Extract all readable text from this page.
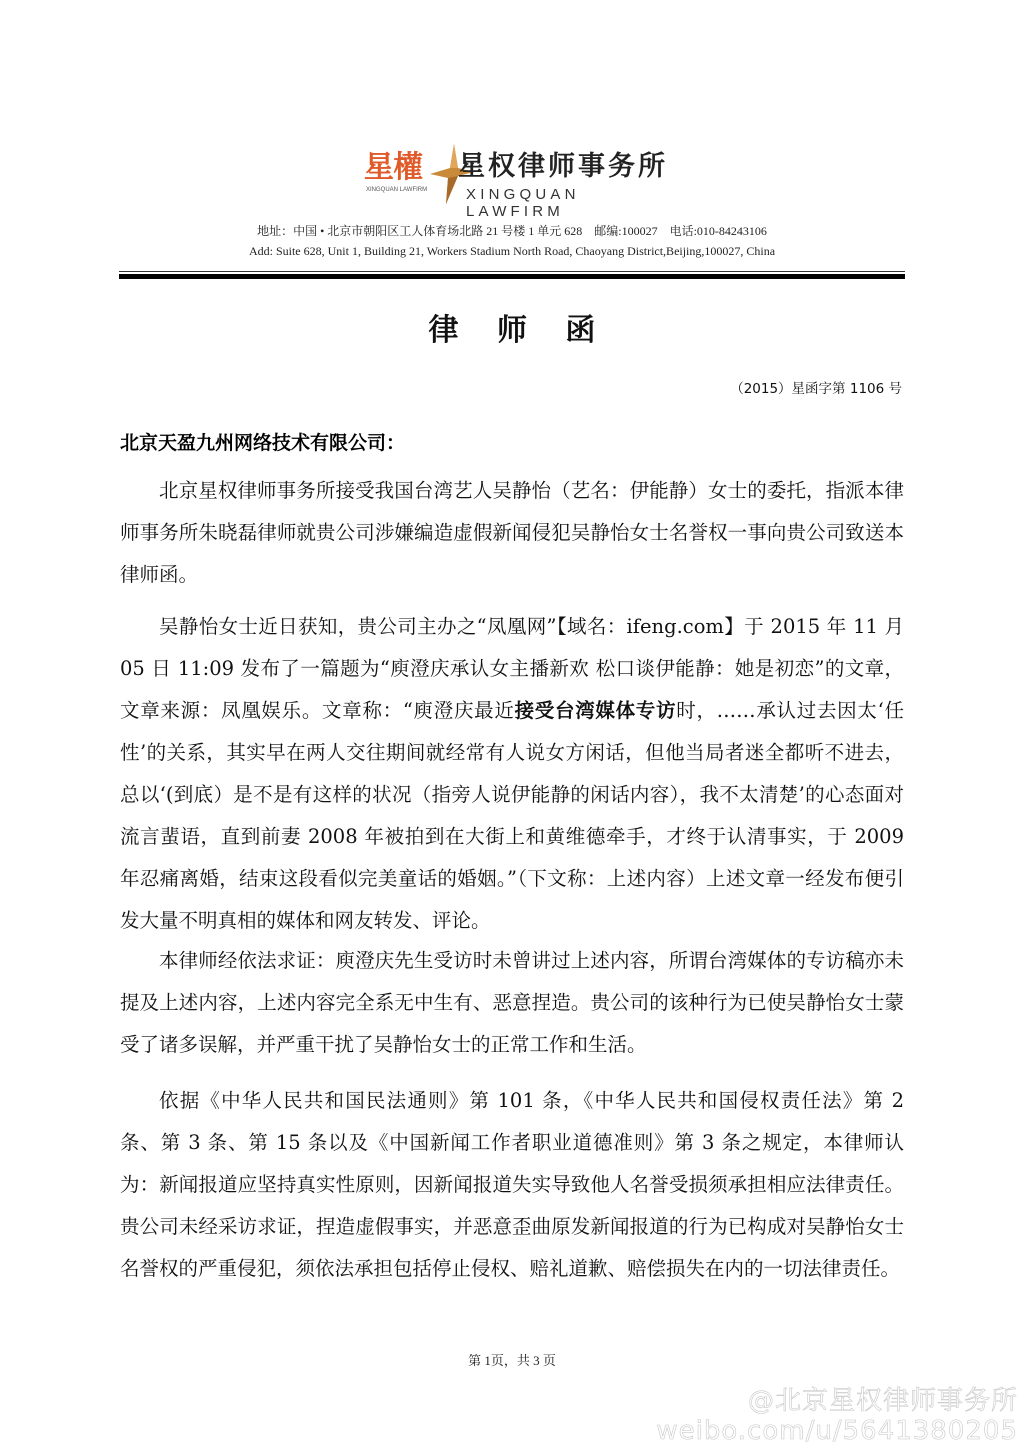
星權
XINGQUAN LAWFIRM
星权律师事务所
XINGQUAN LAWFIRM
地址：中国 • 北京市朝阳区工人体育场北路 21 号楼 1 单元 628　邮编:100027　电话:010-84243106
Add: Suite 628, Unit 1, Building 21, Workers Stadium North Road, Chaoyang District,Beijing,100027, China
律 师 函
（2015）星函字第 1106 号
北京天盈九州网络技术有限公司：

北京星权律师事务所接受我国台湾艺人吴静怡（艺名：伊能静）女士的委托，指派本律师事务所朱晓磊律师就贵公司涉嫌编造虚假新闻侵犯吴静怡女士名誉权一事向贵公司致送本律师函。

吴静怡女士近日获知，贵公司主办之“凤凰网”【域名：ifeng.com】于 2015 年 11 月 05 日 11:09 发布了一篇题为“庾澄庆承认女主播新欢 松口谈伊能静：她是初恋”的文章，文章来源：凤凰娱乐。文章称：“庾澄庆最近接受台湾媒体专访时，……承认过去因太‘任性’的关系，其实早在两人交往期间就经常有人说女方闲话，但他当局者迷全都听不进去，总以‘(到底）是不是有这样的状况（指旁人说伊能静的闲话内容），我不太清楚’的心态面对流言蜚语，直到前妻 2008 年被拍到在大街上和黄维德牵手，才终于认清事实，于 2009 年忍痛离婚，结束这段看似完美童话的婚姻。”（下文称：上述内容）上述文章一经发布便引发大量不明真相的媒体和网友转发、评论。

本律师经依法求证：庾澄庆先生受访时未曾讲过上述内容，所谓台湾媒体的专访稿亦未提及上述内容，上述内容完全系无中生有、恶意捏造。贵公司的该种行为已使吴静怡女士蒙受了诸多误解，并严重干扰了吴静怡女士的正常工作和生活。

依据《中华人民共和国民法通则》第 101 条，《中华人民共和国侵权责任法》第 2 条、第 3 条、第 15 条以及《中国新闻工作者职业道德准则》第 3 条之规定，本律师认为：新闻报道应坚持真实性原则，因新闻报道失实导致他人名誉受损须承担相应法律责任。贵公司未经采访求证，捏造虚假事实，并恶意歪曲原发新闻报道的行为已构成对吴静怡女士名誉权的严重侵犯，须依法承担包括停止侵权、赔礼道歉、赔偿损失在内的一切法律责任。

第 1页，共 3 页
@北京星权律师事务所
weibo.com/u/5641380205
